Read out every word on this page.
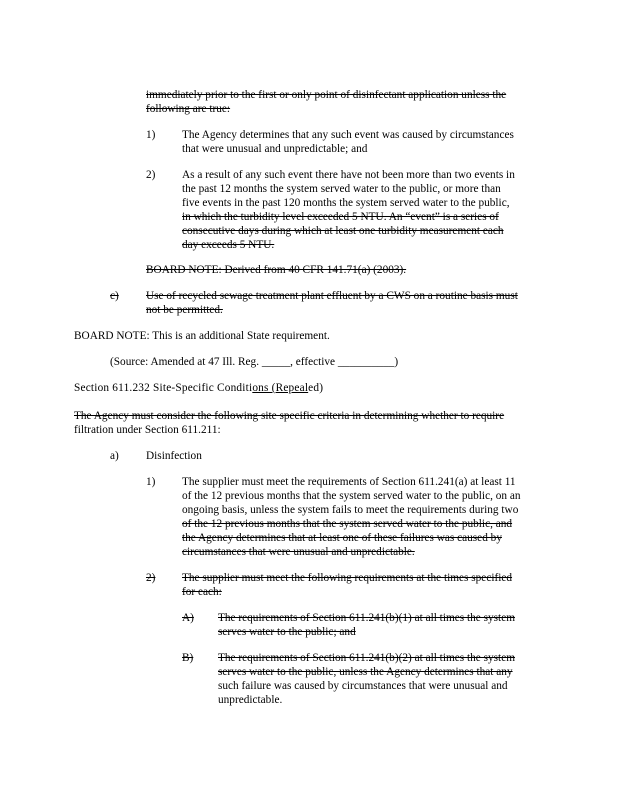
immediately prior to the first or only point of disinfectant application unless the
following are true:
1) The Agency determines that any such event was caused by circumstances
that were unusual and unpredictable; and
2) As a result of any such event there have not been more than two events in
the past 12 months the system served water to the public, or more than
five events in the past 120 months the system served water to the public,
in which the turbidity level exceeded 5 NTU. An “event” is a series of
consecutive days during which at least one turbidity measurement each
day exceeds 5 NTU.
BOARD NOTE: Derived from 40 CFR 141.71(a) (2003).
c) Use of recycled sewage treatment plant effluent by a CWS on a routine basis must
not be permitted.
BOARD NOTE: This is an additional State requirement.
(Source: Amended at 47 Ill. Reg. _____, effective __________)
Section 611.232 Site-Specific Conditions (Repealed)
The Agency must consider the following site specific criteria in determining whether to require
filtration under Section 611.211:
a) Disinfection
1) The supplier must meet the requirements of Section 611.241(a) at least 11
of the 12 previous months that the system served water to the public, on an
ongoing basis, unless the system fails to meet the requirements during two
of the 12 previous months that the system served water to the public, and
the Agency determines that at least one of these failures was caused by
circumstances that were unusual and unpredictable.
2) The supplier must meet the following requirements at the times specified
for each:
A) The requirements of Section 611.241(b)(1) at all times the system
serves water to the public; and
B) The requirements of Section 611.241(b)(2) at all times the system
serves water to the public, unless the Agency determines that any
such failure was caused by circumstances that were unusual and
unpredictable.
